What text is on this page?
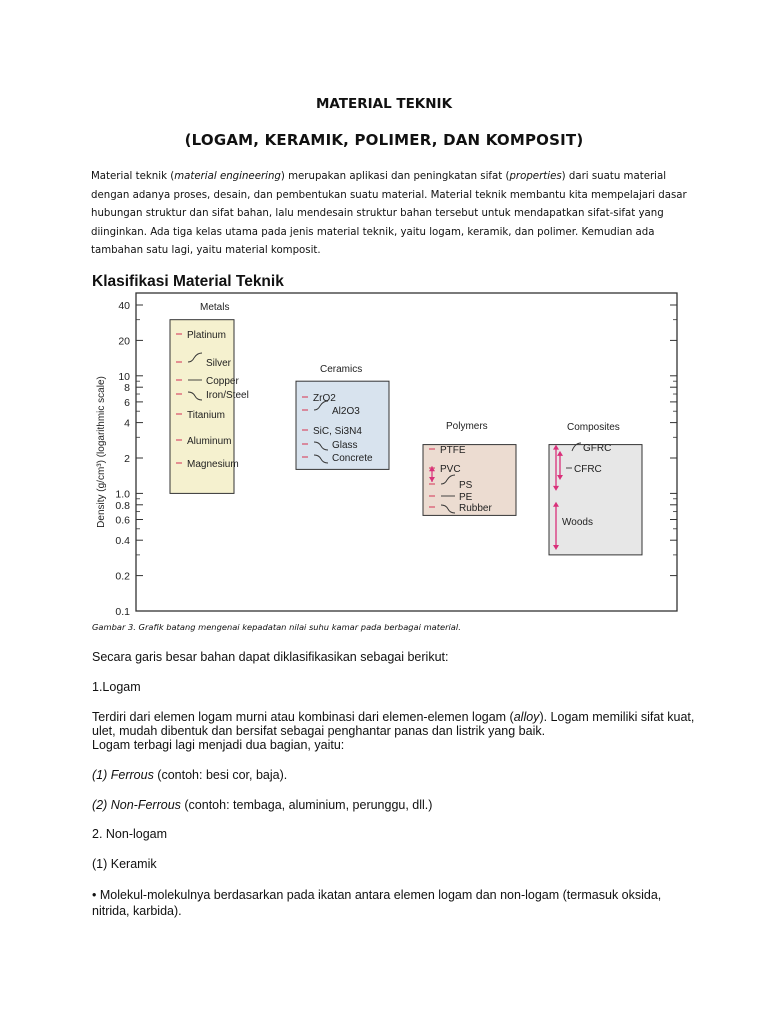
MATERIAL TEKNIK
(LOGAM, KERAMIK, POLIMER, DAN KOMPOSIT)

Material teknik (material engineering) merupakan aplikasi dan peningkatan sifat (properties) dari suatu material dengan adanya proses, desain, dan pembentukan suatu material. Material teknik membantu kita mempelajari dasar hubungan struktur dan sifat bahan, lalu mendesain struktur bahan tersebut untuk mendapatkan sifat-sifat yang diinginkan. Ada tiga kelas utama pada jenis material teknik, yaitu logam, keramik, dan polimer. Kemudian ada tambahan satu lagi, yaitu material komposit.

Klasifikasi Material Teknik
Density (g/cm³) (logarithmic scale)
40
20
10
8
6
4
2
1.0
0.8
0.6
0.4
0.2
0.1
Metals
Platinum
Silver
Copper
Iron/Steel
Titanium
Aluminum
Magnesium
Ceramics
ZrO2
Al2O3
SiC, Si3N4
Glass
Concrete
Polymers
PTFE
PVC
PS
PE
Rubber
Composites
GFRC
CFRC
Woods
Gambar 3. Grafik batang mengenai kepadatan nilai suhu kamar pada berbagai material.
Secara garis besar bahan dapat diklasifikasikan sebagai berikut:
1.Logam
Terdiri dari elemen logam murni atau kombinasi dari elemen-elemen logam (alloy). Logam memiliki sifat kuat, ulet, mudah dibentuk dan bersifat sebagai penghantar panas dan listrik yang baik.
Logam terbagi lagi menjadi dua bagian, yaitu:
(1) Ferrous (contoh: besi cor, baja).
(2) Non-Ferrous (contoh: tembaga, aluminium, perunggu, dll.)
2. Non-logam
(1) Keramik
• Molekul-molekulnya berdasarkan pada ikatan antara elemen logam dan non-logam (termasuk oksida, nitrida, karbida).
